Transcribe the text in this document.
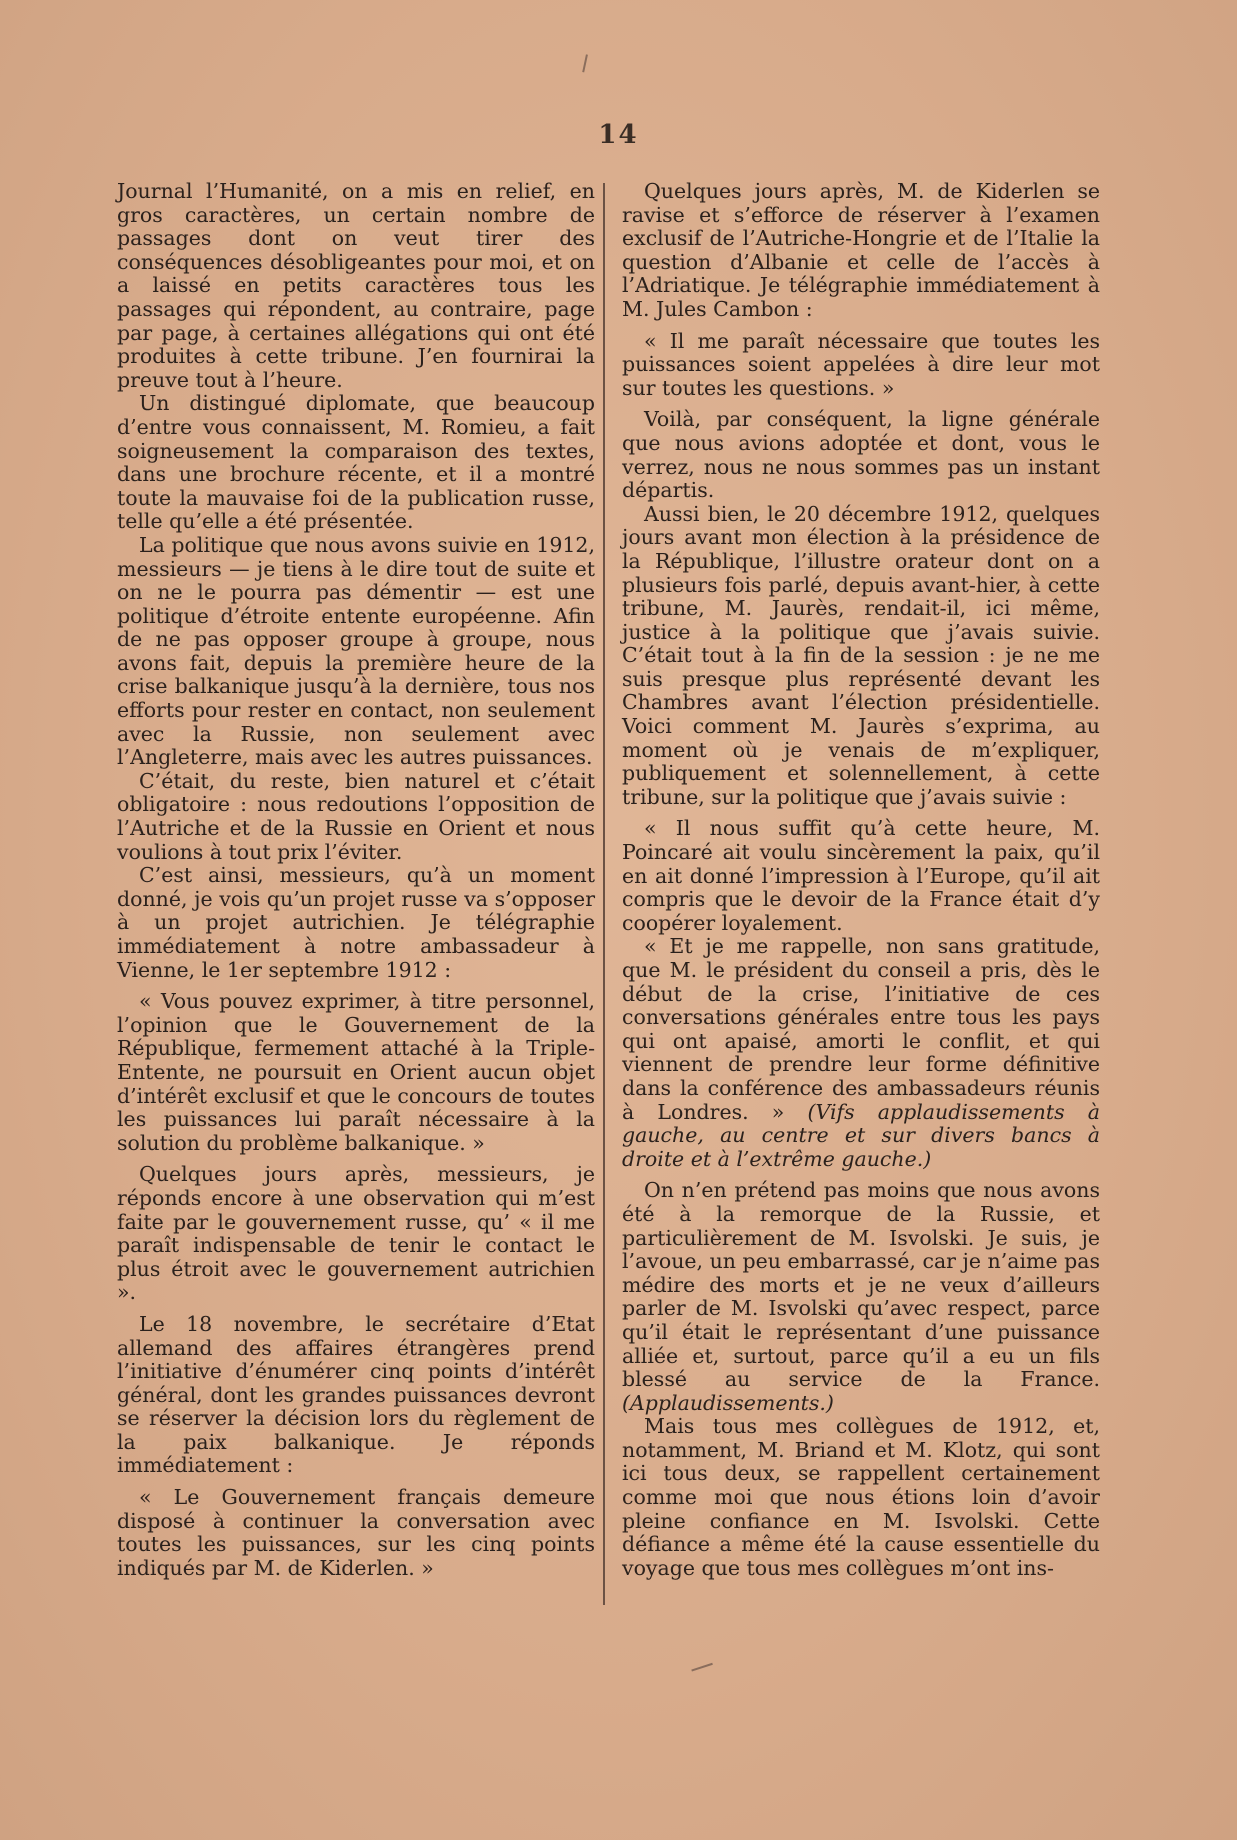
14

Journal l’Humanité, on a mis en relief, en gros caractères, un certain nombre de passages dont on veut tirer des conséquences désobligeantes pour moi, et on a laissé en petits caractères tous les passages qui répondent, au contraire, page par page, à certaines allégations qui ont été produites à cette tribune. J’en fournirai la preuve tout à l’heure.

Un distingué diplomate, que beaucoup d’entre vous connaissent, M. Romieu, a fait soigneusement la comparaison des textes, dans une brochure récente, et il a montré toute la mauvaise foi de la publication russe, telle qu’elle a été présentée.

La politique que nous avons suivie en 1912, messieurs — je tiens à le dire tout de suite et on ne le pourra pas démentir — est une politique d’étroite entente européenne. Afin de ne pas opposer groupe à groupe, nous avons fait, depuis la première heure de la crise balkanique jusqu’à la dernière, tous nos efforts pour rester en contact, non seulement avec la Russie, non seulement avec l’Angleterre, mais avec les autres puissances.

C’était, du reste, bien naturel et c’était obligatoire : nous redoutions l’opposition de l’Autriche et de la Russie en Orient et nous voulions à tout prix l’éviter.

C’est ainsi, messieurs, qu’à un moment donné, je vois qu’un projet russe va s’opposer à un projet autrichien. Je télégraphie immédiatement à notre ambassadeur à Vienne, le 1er septembre 1912 :

« Vous pouvez exprimer, à titre personnel, l’opinion que le Gouvernement de la République, fermement attaché à la Triple-Entente, ne poursuit en Orient aucun objet d’intérêt exclusif et que le concours de toutes les puissances lui paraît nécessaire à la solution du problème balkanique. »

Quelques jours après, messieurs, je réponds encore à une observation qui m’est faite par le gouvernement russe, qu’ « il me paraît indispensable de tenir le contact le plus étroit avec le gouvernement autrichien ».

Le 18 novembre, le secrétaire d’Etat allemand des affaires étrangères prend l’initiative d’énumérer cinq points d’intérêt général, dont les grandes puissances devront se réserver la décision lors du règlement de la paix balkanique. Je réponds immédiatement :

« Le Gouvernement français demeure disposé à continuer la conversation avec toutes les puissances, sur les cinq points indiqués par M. de Kiderlen. »

Quelques jours après, M. de Kiderlen se ravise et s’efforce de réserver à l’examen exclusif de l’Autriche-Hongrie et de l’Italie la question d’Albanie et celle de l’accès à l’Adriatique. Je télégraphie immédiatement à M. Jules Cambon :

« Il me paraît nécessaire que toutes les puissances soient appelées à dire leur mot sur toutes les questions. »

Voilà, par conséquent, la ligne générale que nous avions adoptée et dont, vous le verrez, nous ne nous sommes pas un instant départis.

Aussi bien, le 20 décembre 1912, quelques jours avant mon élection à la présidence de la République, l’illustre orateur dont on a plusieurs fois parlé, depuis avant-hier, à cette tribune, M. Jaurès, rendait-il, ici même, justice à la politique que j’avais suivie. C’était tout à la fin de la session : je ne me suis presque plus représenté devant les Chambres avant l’élection présidentielle. Voici comment M. Jaurès s’exprima, au moment où je venais de m’expliquer, publiquement et solennellement, à cette tribune, sur la politique que j’avais suivie :

« Il nous suffit qu’à cette heure, M. Poincaré ait voulu sincèrement la paix, qu’il en ait donné l’impression à l’Europe, qu’il ait compris que le devoir de la France était d’y coopérer loyalement.

« Et je me rappelle, non sans gratitude, que M. le président du conseil a pris, dès le début de la crise, l’initiative de ces conversations générales entre tous les pays qui ont apaisé, amorti le conflit, et qui viennent de prendre leur forme définitive dans la conférence des ambassadeurs réunis à Londres. » (Vifs applaudissements à gauche, au centre et sur divers bancs à droite et à l’extrême gauche.)

On n’en prétend pas moins que nous avons été à la remorque de la Russie, et particulièrement de M. Isvolski. Je suis, je l’avoue, un peu embarrassé, car je n’aime pas médire des morts et je ne veux d’ailleurs parler de M. Isvolski qu’avec respect, parce qu’il était le représentant d’une puissance alliée et, surtout, parce qu’il a eu un fils blessé au service de la France. (Applaudissements.)

Mais tous mes collègues de 1912, et, notamment, M. Briand et M. Klotz, qui sont ici tous deux, se rappellent certainement comme moi que nous étions loin d’avoir pleine confiance en M. Isvolski. Cette défiance a même été la cause essentielle du voyage que tous mes collègues m’ont ins-
